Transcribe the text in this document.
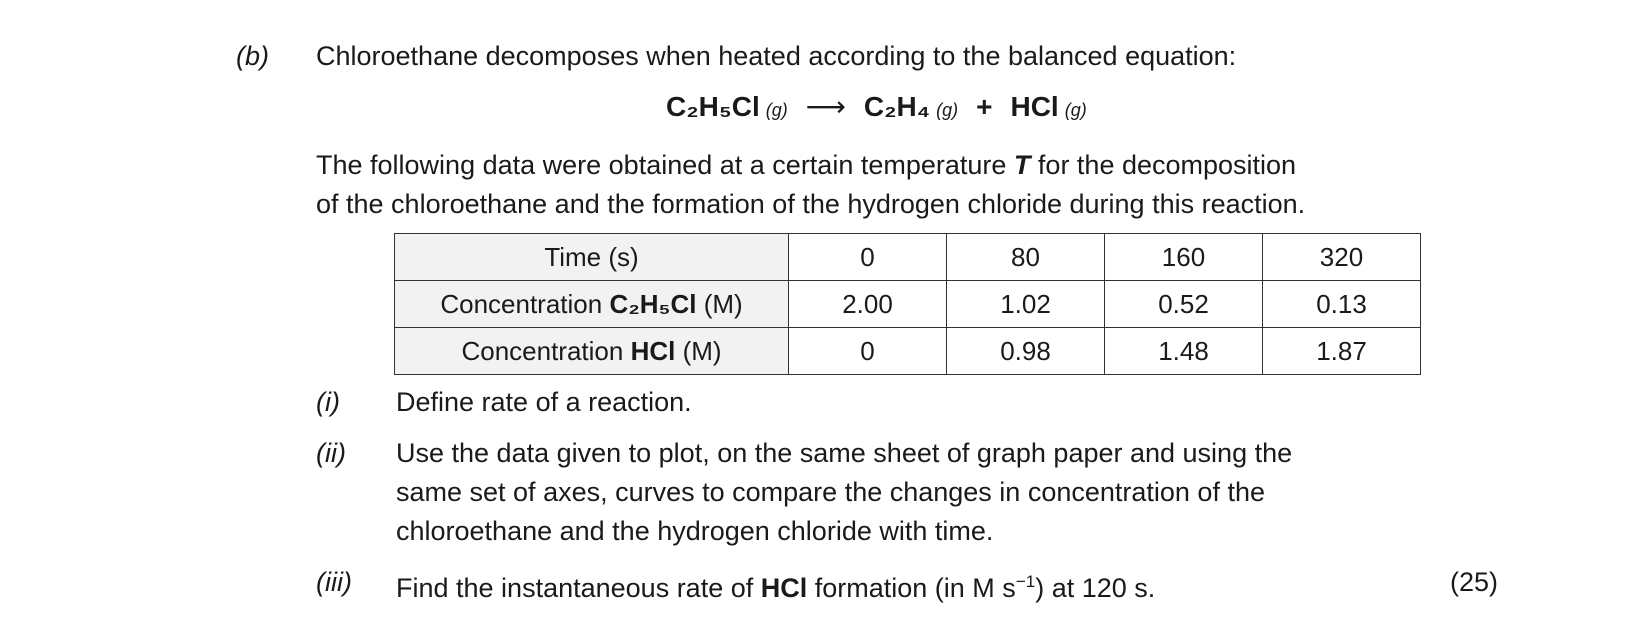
(b) Chloroethane decomposes when heated according to the balanced equation:
C₂H₅Cl (g) ⟶ C₂H₄ (g) + HCl (g)
The following data were obtained at a certain temperature T for the decomposition
of the chloroethane and the formation of the hydrogen chloride during this reaction.
Time (s)	0	80	160	320
Concentration C₂H₅Cl (M)	2.00	1.02	0.52	0.13
Concentration HCl (M)	0	0.98	1.48	1.87
(i) Define rate of a reaction.
(ii) Use the data given to plot, on the same sheet of graph paper and using the
same set of axes, curves to compare the changes in concentration of the
chloroethane and the hydrogen chloride with time.
(iii) Find the instantaneous rate of HCl formation (in M $s^{-1}$) at 120 s.	(25)
